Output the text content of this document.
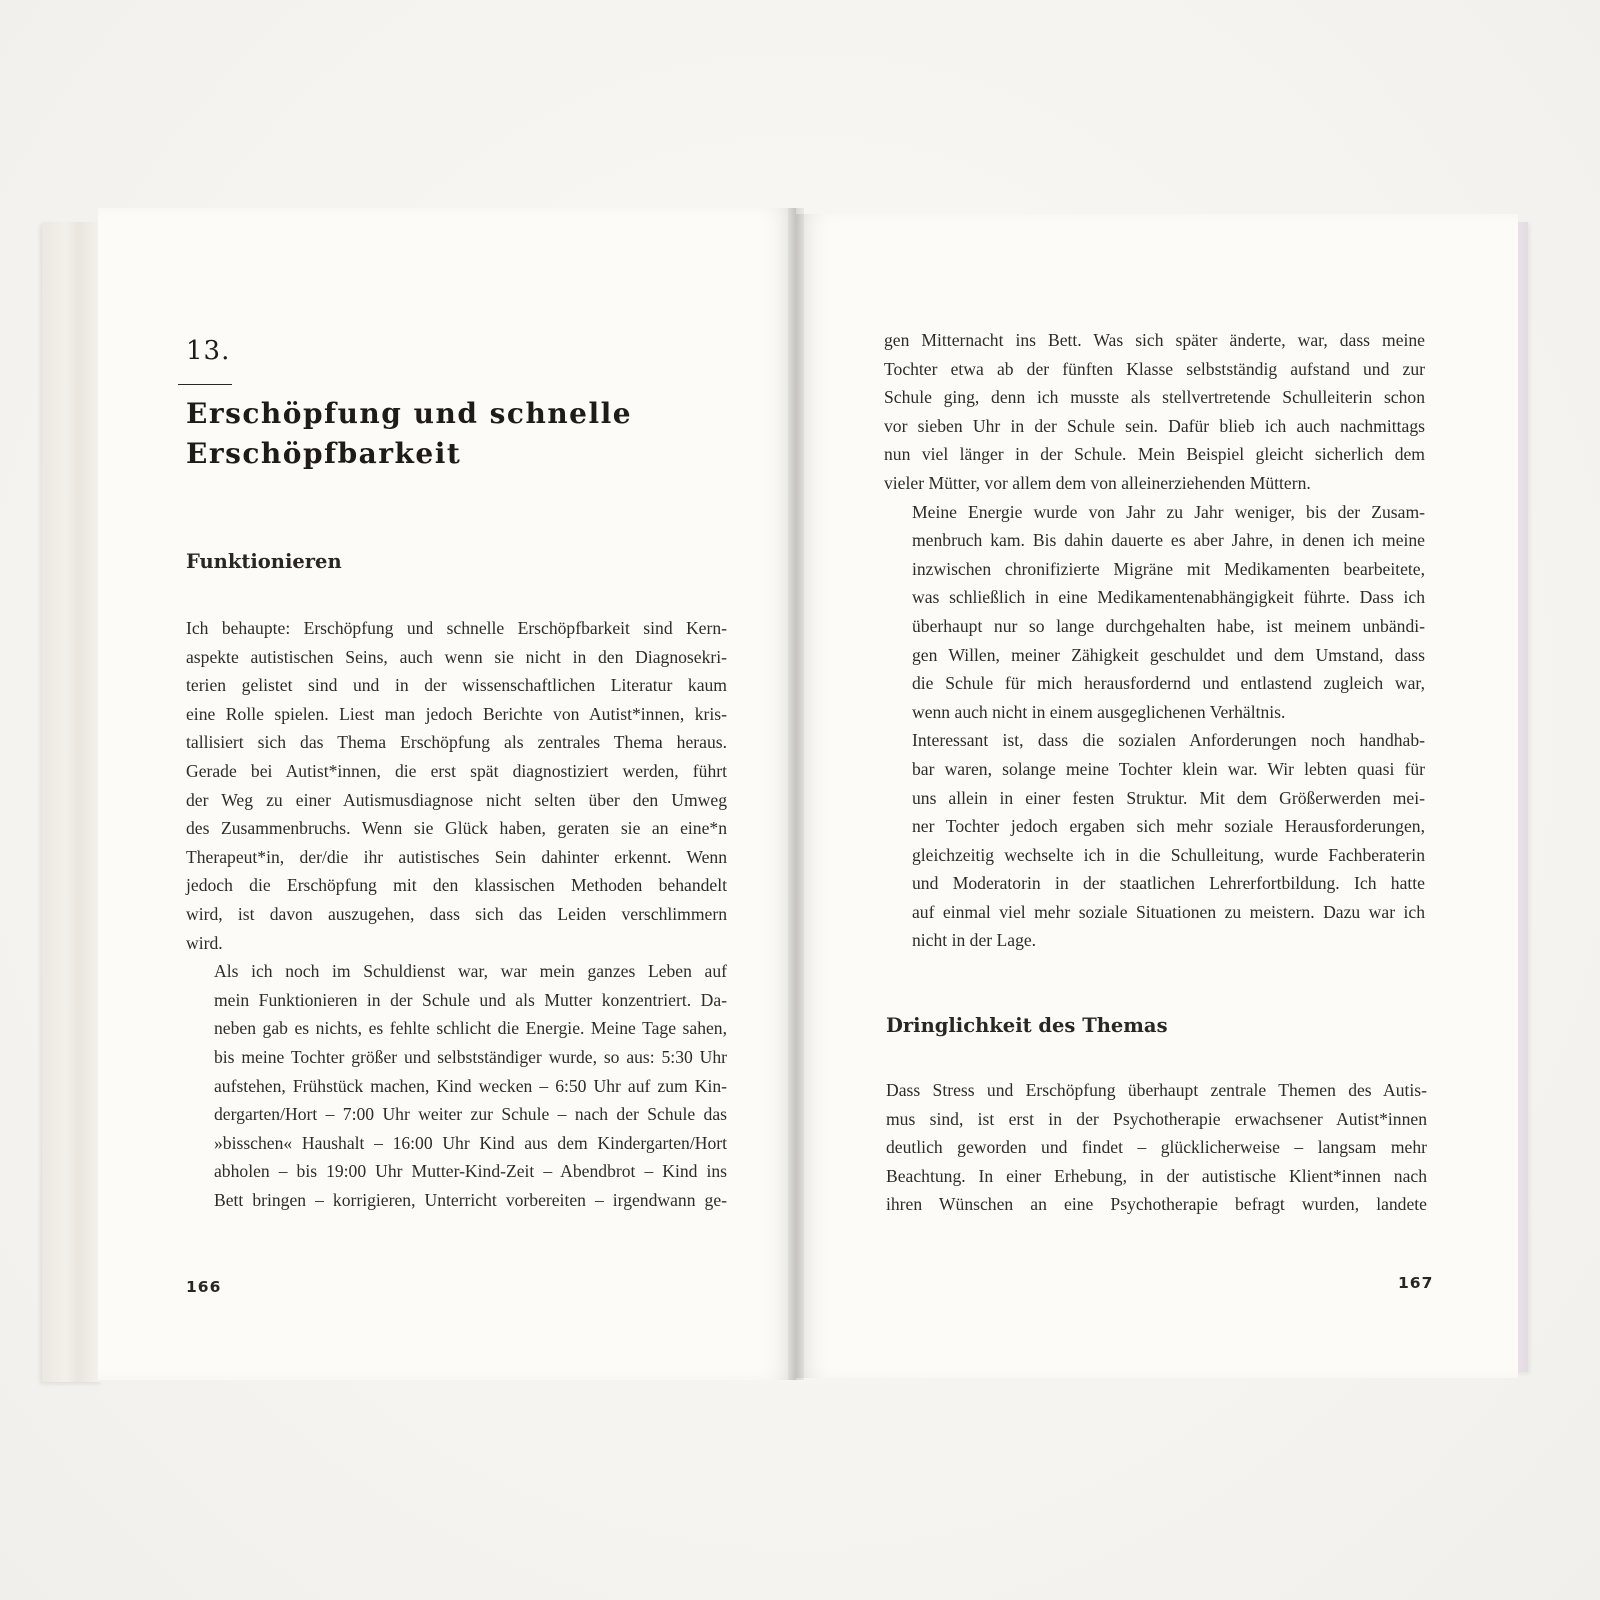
13.
Erschöpfung und schnelle
Erschöpfbarkeit
Funktionieren

Ich behaupte: Erschöpfung und schnelle Erschöpfbarkeit sind Kern-
aspekte autistischen Seins, auch wenn sie nicht in den Diagnosekri-
terien gelistet sind und in der wissenschaftlichen Literatur kaum
eine Rolle spielen. Liest man jedoch Berichte von Autist*innen, kris-
tallisiert sich das Thema Erschöpfung als zentrales Thema heraus.
Gerade bei Autist*innen, die erst spät diagnostiziert werden, führt
der Weg zu einer Autismusdiagnose nicht selten über den Umweg
des Zusammenbruchs. Wenn sie Glück haben, geraten sie an eine*n
Therapeut*in, der/die ihr autistisches Sein dahinter erkennt. Wenn
jedoch die Erschöpfung mit den klassischen Methoden behandelt
wird, ist davon auszugehen, dass sich das Leiden verschlimmern
wird.

Als ich noch im Schuldienst war, war mein ganzes Leben auf
mein Funktionieren in der Schule und als Mutter konzentriert. Da-
neben gab es nichts, es fehlte schlicht die Energie. Meine Tage sahen,
bis meine Tochter größer und selbstständiger wurde, so aus: 5:30 Uhr
aufstehen, Frühstück machen, Kind wecken – 6:50 Uhr auf zum Kin-
dergarten/Hort – 7:00 Uhr weiter zur Schule – nach der Schule das
»bisschen« Haushalt – 16:00 Uhr Kind aus dem Kindergarten/Hort
abholen – bis 19:00 Uhr Mutter-Kind-Zeit – Abendbrot – Kind ins
Bett bringen – korrigieren, Unterricht vorbereiten – irgendwann ge-

166

gen Mitternacht ins Bett. Was sich später änderte, war, dass meine
Tochter etwa ab der fünften Klasse selbstständig aufstand und zur
Schule ging, denn ich musste als stellvertretende Schulleiterin schon
vor sieben Uhr in der Schule sein. Dafür blieb ich auch nachmittags
nun viel länger in der Schule. Mein Beispiel gleicht sicherlich dem
vieler Mütter, vor allem dem von alleinerziehenden Müttern.

Meine Energie wurde von Jahr zu Jahr weniger, bis der Zusam-
menbruch kam. Bis dahin dauerte es aber Jahre, in denen ich meine
inzwischen chronifizierte Migräne mit Medikamenten bearbeitete,
was schließlich in eine Medikamentenabhängigkeit führte. Dass ich
überhaupt nur so lange durchgehalten habe, ist meinem unbändi-
gen Willen, meiner Zähigkeit geschuldet und dem Umstand, dass
die Schule für mich herausfordernd und entlastend zugleich war,
wenn auch nicht in einem ausgeglichenen Verhältnis.

Interessant ist, dass die sozialen Anforderungen noch handhab-
bar waren, solange meine Tochter klein war. Wir lebten quasi für
uns allein in einer festen Struktur. Mit dem Größerwerden mei-
ner Tochter jedoch ergaben sich mehr soziale Herausforderungen,
gleichzeitig wechselte ich in die Schulleitung, wurde Fachberaterin
und Moderatorin in der staatlichen Lehrerfortbildung. Ich hatte
auf einmal viel mehr soziale Situationen zu meistern. Dazu war ich
nicht in der Lage.

Dringlichkeit des Themas

Dass Stress und Erschöpfung überhaupt zentrale Themen des Autis-
mus sind, ist erst in der Psychotherapie erwachsener Autist*innen
deutlich geworden und findet – glücklicherweise – langsam mehr
Beachtung. In einer Erhebung, in der autistische Klient*innen nach
ihren Wünschen an eine Psychotherapie befragt wurden, landete

167
